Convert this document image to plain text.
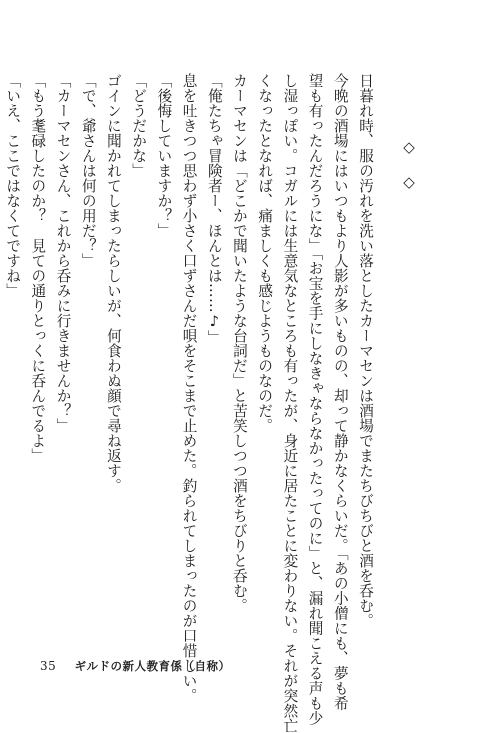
◇ ◇
日暮れ時、服の汚れを洗い落としたカーマセンは酒場でまたちびちびと酒を呑む。
今晩の酒場にはいつもより人影が多いものの、却って静かなくらいだ。「あの小僧にも、夢も希
望も有ったんだろうにな」「お宝を手にしなきゃならなかったってのに」と、漏れ聞こえる声も少
し湿っぽい。コガルには生意気なところも有ったが、身近に居たことに変わりない。それが突然亡
くなったとなれば、痛ましくも感じようものなのだ。
カーマセンは「どこかで聞いたような台詞だ」と苦笑しつつ酒をちびりと呑む。
「俺たちゃ冒険者ー、ほんとは……♪」
息を吐きつつ思わず小さく口ずさんだ唄をそこまで止めた。釣られてしまったのが口惜しい。
「後悔していますか？」
「どうだかな」
ゴインに聞かれてしまったらしいが、何食わぬ顔で尋ね返す。
「で、爺さんは何の用だ？」
「カーマセンさん、これから呑みに行きませんか？」
「もう耄碌したのか？　見ての通りとっくに呑んでるよ」
「いえ、ここではなくてですね」
35 ギルドの新人教育係（自称）
